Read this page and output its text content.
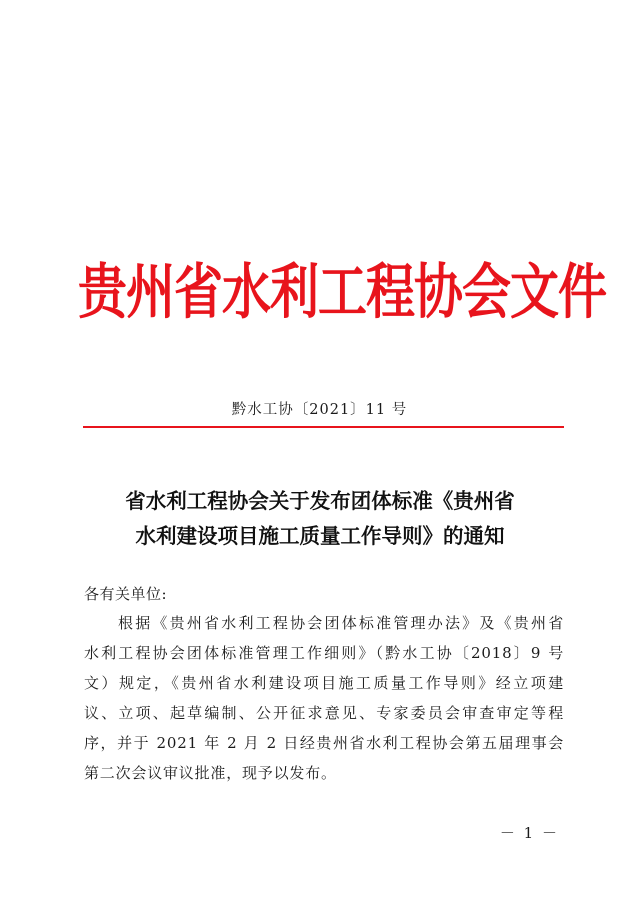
贵州省水利工程协会文件
黔水工协〔2021〕11 号
省水利工程协会关于发布团体标准《贵州省
水利建设项目施工质量工作导则》的通知
各有关单位:
根据《贵州省水利工程协会团体标准管理办法》及《贵州省
水利工程协会团体标准管理工作细则》（黔水工协〔2018〕9 号
文）规定，《贵州省水利建设项目施工质量工作导则》经立项建
议、立项、起草编制、公开征求意见、专家委员会审查审定等程
序，并于 2021 年 2 月 2 日经贵州省水利工程协会第五届理事会
第二次会议审议批准，现予以发布。
－ 1 －
